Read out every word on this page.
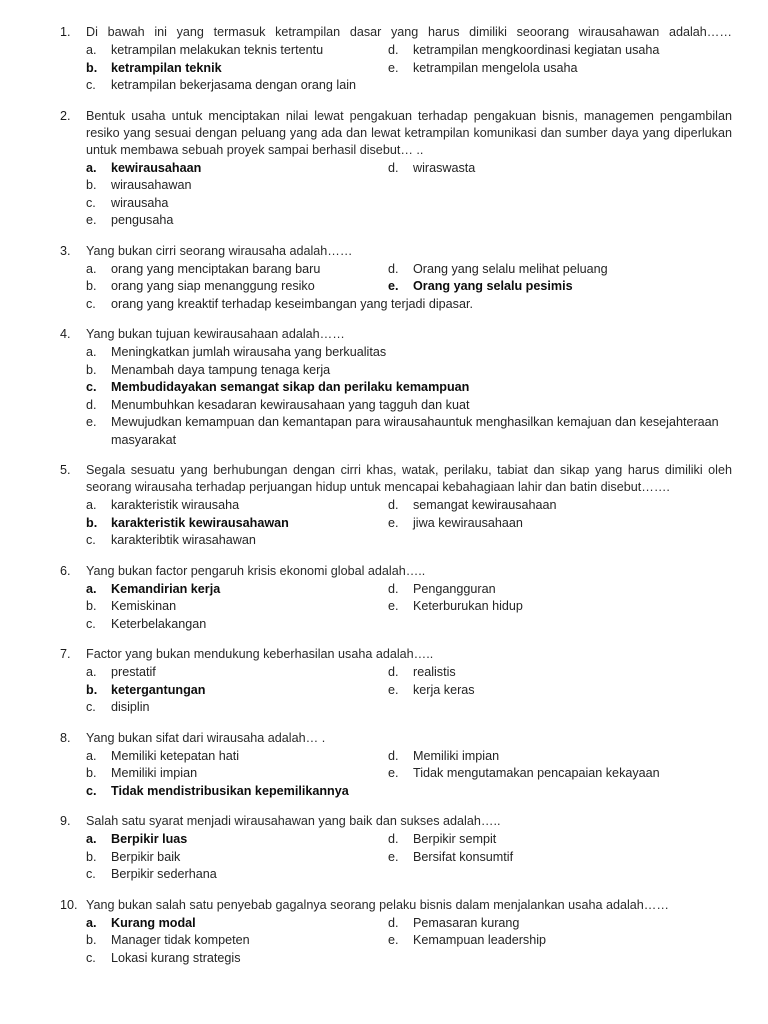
1.	Di bawah ini yang termasuk ketrampilan dasar yang harus dimiliki seoorang wirausahawan adalah……
a.	ketrampilan melakukan teknis tertentu
b.	ketrampilan teknik
c.	ketrampilan bekerjasama dengan orang lain
d.	ketrampilan mengkoordinasi kegiatan usaha
e.	ketrampilan mengelola usaha
2.	Bentuk usaha untuk menciptakan nilai lewat pengakuan terhadap pengakuan bisnis, managemen pengambilan resiko yang sesuai dengan peluang yang ada dan lewat ketrampilan komunikasi dan sumber daya yang diperlukan untuk membawa sebuah proyek sampai berhasil disebut… ..
a.	kewirausahaan
b.	wirausahawan
c.	wirausaha
e.	pengusaha
d.	wiraswasta
3.	Yang bukan cirri seorang wirausaha adalah……
a.	orang yang menciptakan barang baru
b.	orang yang siap menanggung resiko
d.	Orang yang selalu melihat peluang
e.	Orang yang selalu pesimis
c.	orang yang kreaktif terhadap keseimbangan yang terjadi dipasar.
4.	Yang bukan tujuan kewirausahaan adalah……
a.	Meningkatkan jumlah wirausaha yang berkualitas
b.	Menambah daya tampung tenaga kerja
c.	Membudidayakan semangat sikap dan perilaku kemampuan
d.	Menumbuhkan kesadaran kewirausahaan yang tagguh dan kuat
e.	Mewujudkan kemampuan dan kemantapan para wirausahauntuk menghasilkan kemajuan dan kesejahteraan masyarakat
5.	Segala sesuatu yang berhubungan dengan cirri khas, watak, perilaku, tabiat dan sikap yang harus dimiliki oleh seorang wirausaha terhadap perjuangan hidup untuk mencapai kebahagiaan lahir dan batin disebut…….
a.	karakteristik wirausaha
b.	karakteristik kewirausahawan
c.	karakteribtik wirasahawan
d.	semangat kewirausahaan
e.	jiwa kewirausahaan
6.	Yang bukan factor pengaruh krisis ekonomi global adalah…..
a.	Kemandirian kerja
b.	Kemiskinan
c.	Keterbelakangan
d.	Pengangguran
e.	Keterburukan hidup
7.	Factor yang bukan mendukung keberhasilan usaha adalah…..
a.	prestatif
b.	ketergantungan
c.	disiplin
d.	realistis
e.	kerja keras
8.	Yang bukan sifat dari wirausaha adalah… .
a.	Memiliki ketepatan hati
b.	Memiliki impian
c.	Tidak mendistribusikan kepemilikannya
d.	Memiliki impian
e.	Tidak mengutamakan pencapaian kekayaan
9.	Salah satu syarat menjadi wirausahawan yang baik dan sukses adalah…..
a.	Berpikir luas
b.	Berpikir baik
c.	Berpikir sederhana
d.	Berpikir sempit
e.	Bersifat konsumtif
10. Yang bukan salah satu penyebab gagalnya seorang pelaku bisnis dalam menjalankan usaha adalah……
a.	Kurang modal
b.	Manager tidak kompeten
c.	Lokasi kurang strategis
d.	Pemasaran kurang
e.	Kemampuan leadership
